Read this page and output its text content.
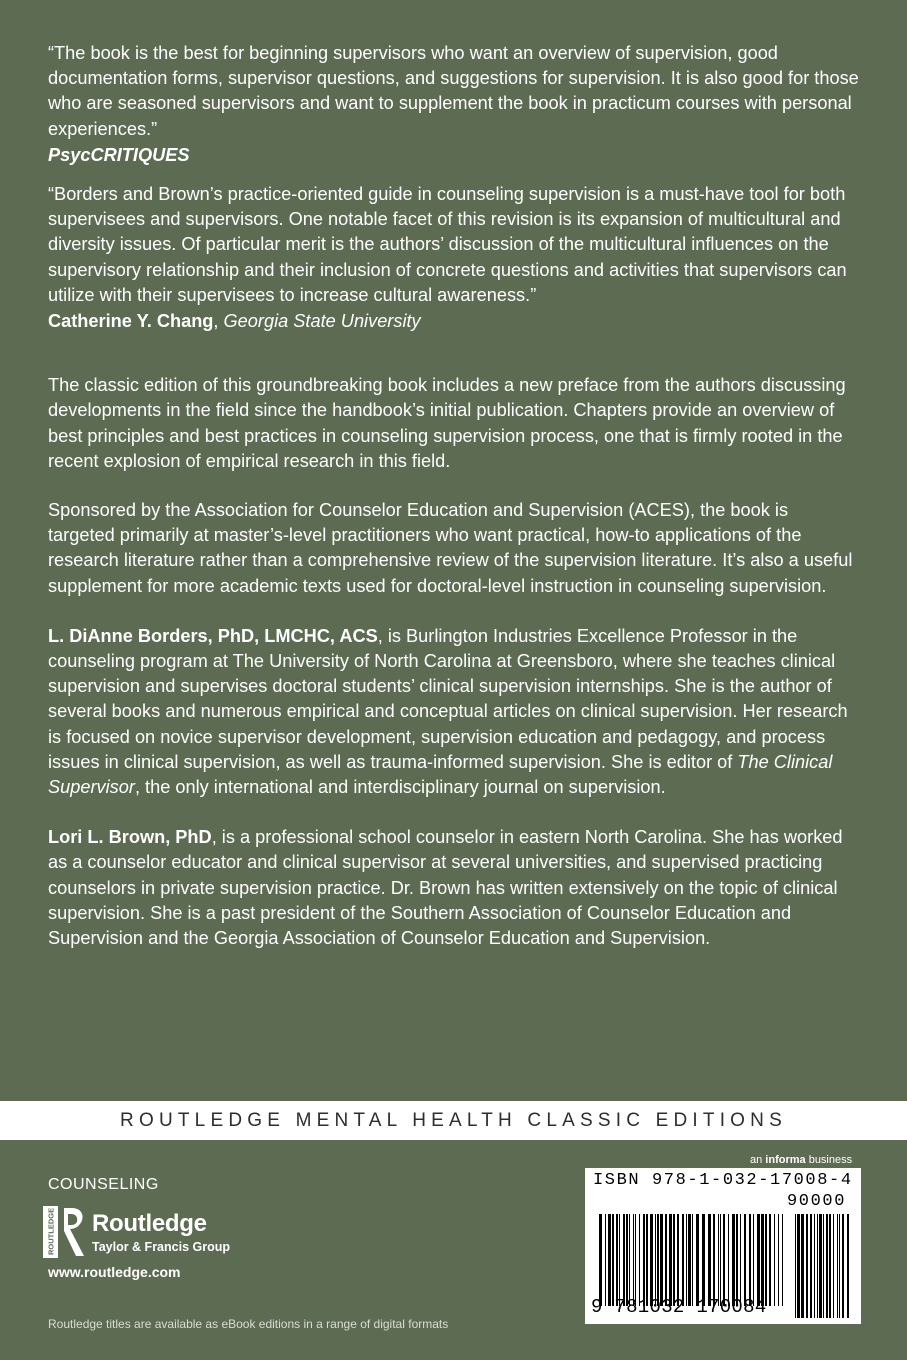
“The book is the best for beginning supervisors who want an overview of supervision, good documentation forms, supervisor questions, and suggestions for supervision. It is also good for those who are seasoned supervisors and want to supplement the book in practicum courses with personal experiences.”

PsycCRITIQUES

“Borders and Brown’s practice-oriented guide in counseling supervision is a must-have tool for both supervisees and supervisors. One notable facet of this revision is its expansion of multicultural and diversity issues. Of particular merit is the authors’ discussion of the multicultural influences on the supervisory relationship and their inclusion of concrete questions and activities that supervisors can utilize with their supervisees to increase cultural awareness.”

Catherine Y. Chang, Georgia State University

The classic edition of this groundbreaking book includes a new preface from the authors discussing developments in the field since the handbook’s initial publication. Chapters provide an overview of best principles and best practices in counseling supervision process, one that is firmly rooted in the recent explosion of empirical research in this field.

Sponsored by the Association for Counselor Education and Supervision (ACES), the book is targeted primarily at master’s-level practitioners who want practical, how-to applications of the research literature rather than a comprehensive review of the supervision literature. It’s also a useful supplement for more academic texts used for doctoral-level instruction in counseling supervision.

L. DiAnne Borders, PhD, LMCHC, ACS, is Burlington Industries Excellence Professor in the counseling program at The University of North Carolina at Greensboro, where she teaches clinical supervision and supervises doctoral students’ clinical supervision internships. She is the author of several books and numerous empirical and conceptual articles on clinical supervision. Her research is focused on novice supervisor development, supervision education and pedagogy, and process issues in clinical supervision, as well as trauma-informed supervision. She is editor of The Clinical Supervisor, the only international and interdisciplinary journal on supervision.

Lori L. Brown, PhD, is a professional school counselor in eastern North Carolina. She has worked as a counselor educator and clinical supervisor at several universities, and supervised practicing counselors in private supervision practice. Dr. Brown has written extensively on the topic of clinical supervision. She is a past president of the Southern Association of Counselor Education and Supervision and the Georgia Association of Counselor Education and Supervision.

ROUTLEDGE MENTAL HEALTH CLASSIC EDITIONS
COUNSELING
ROUTLEDGE Routledge
Taylor & Francis Group
www.routledge.com
Routledge titles are available as eBook editions in a range of digital formats
an informa business
ISBN 978-1-032-17008-4
90000
9 781032 170084
